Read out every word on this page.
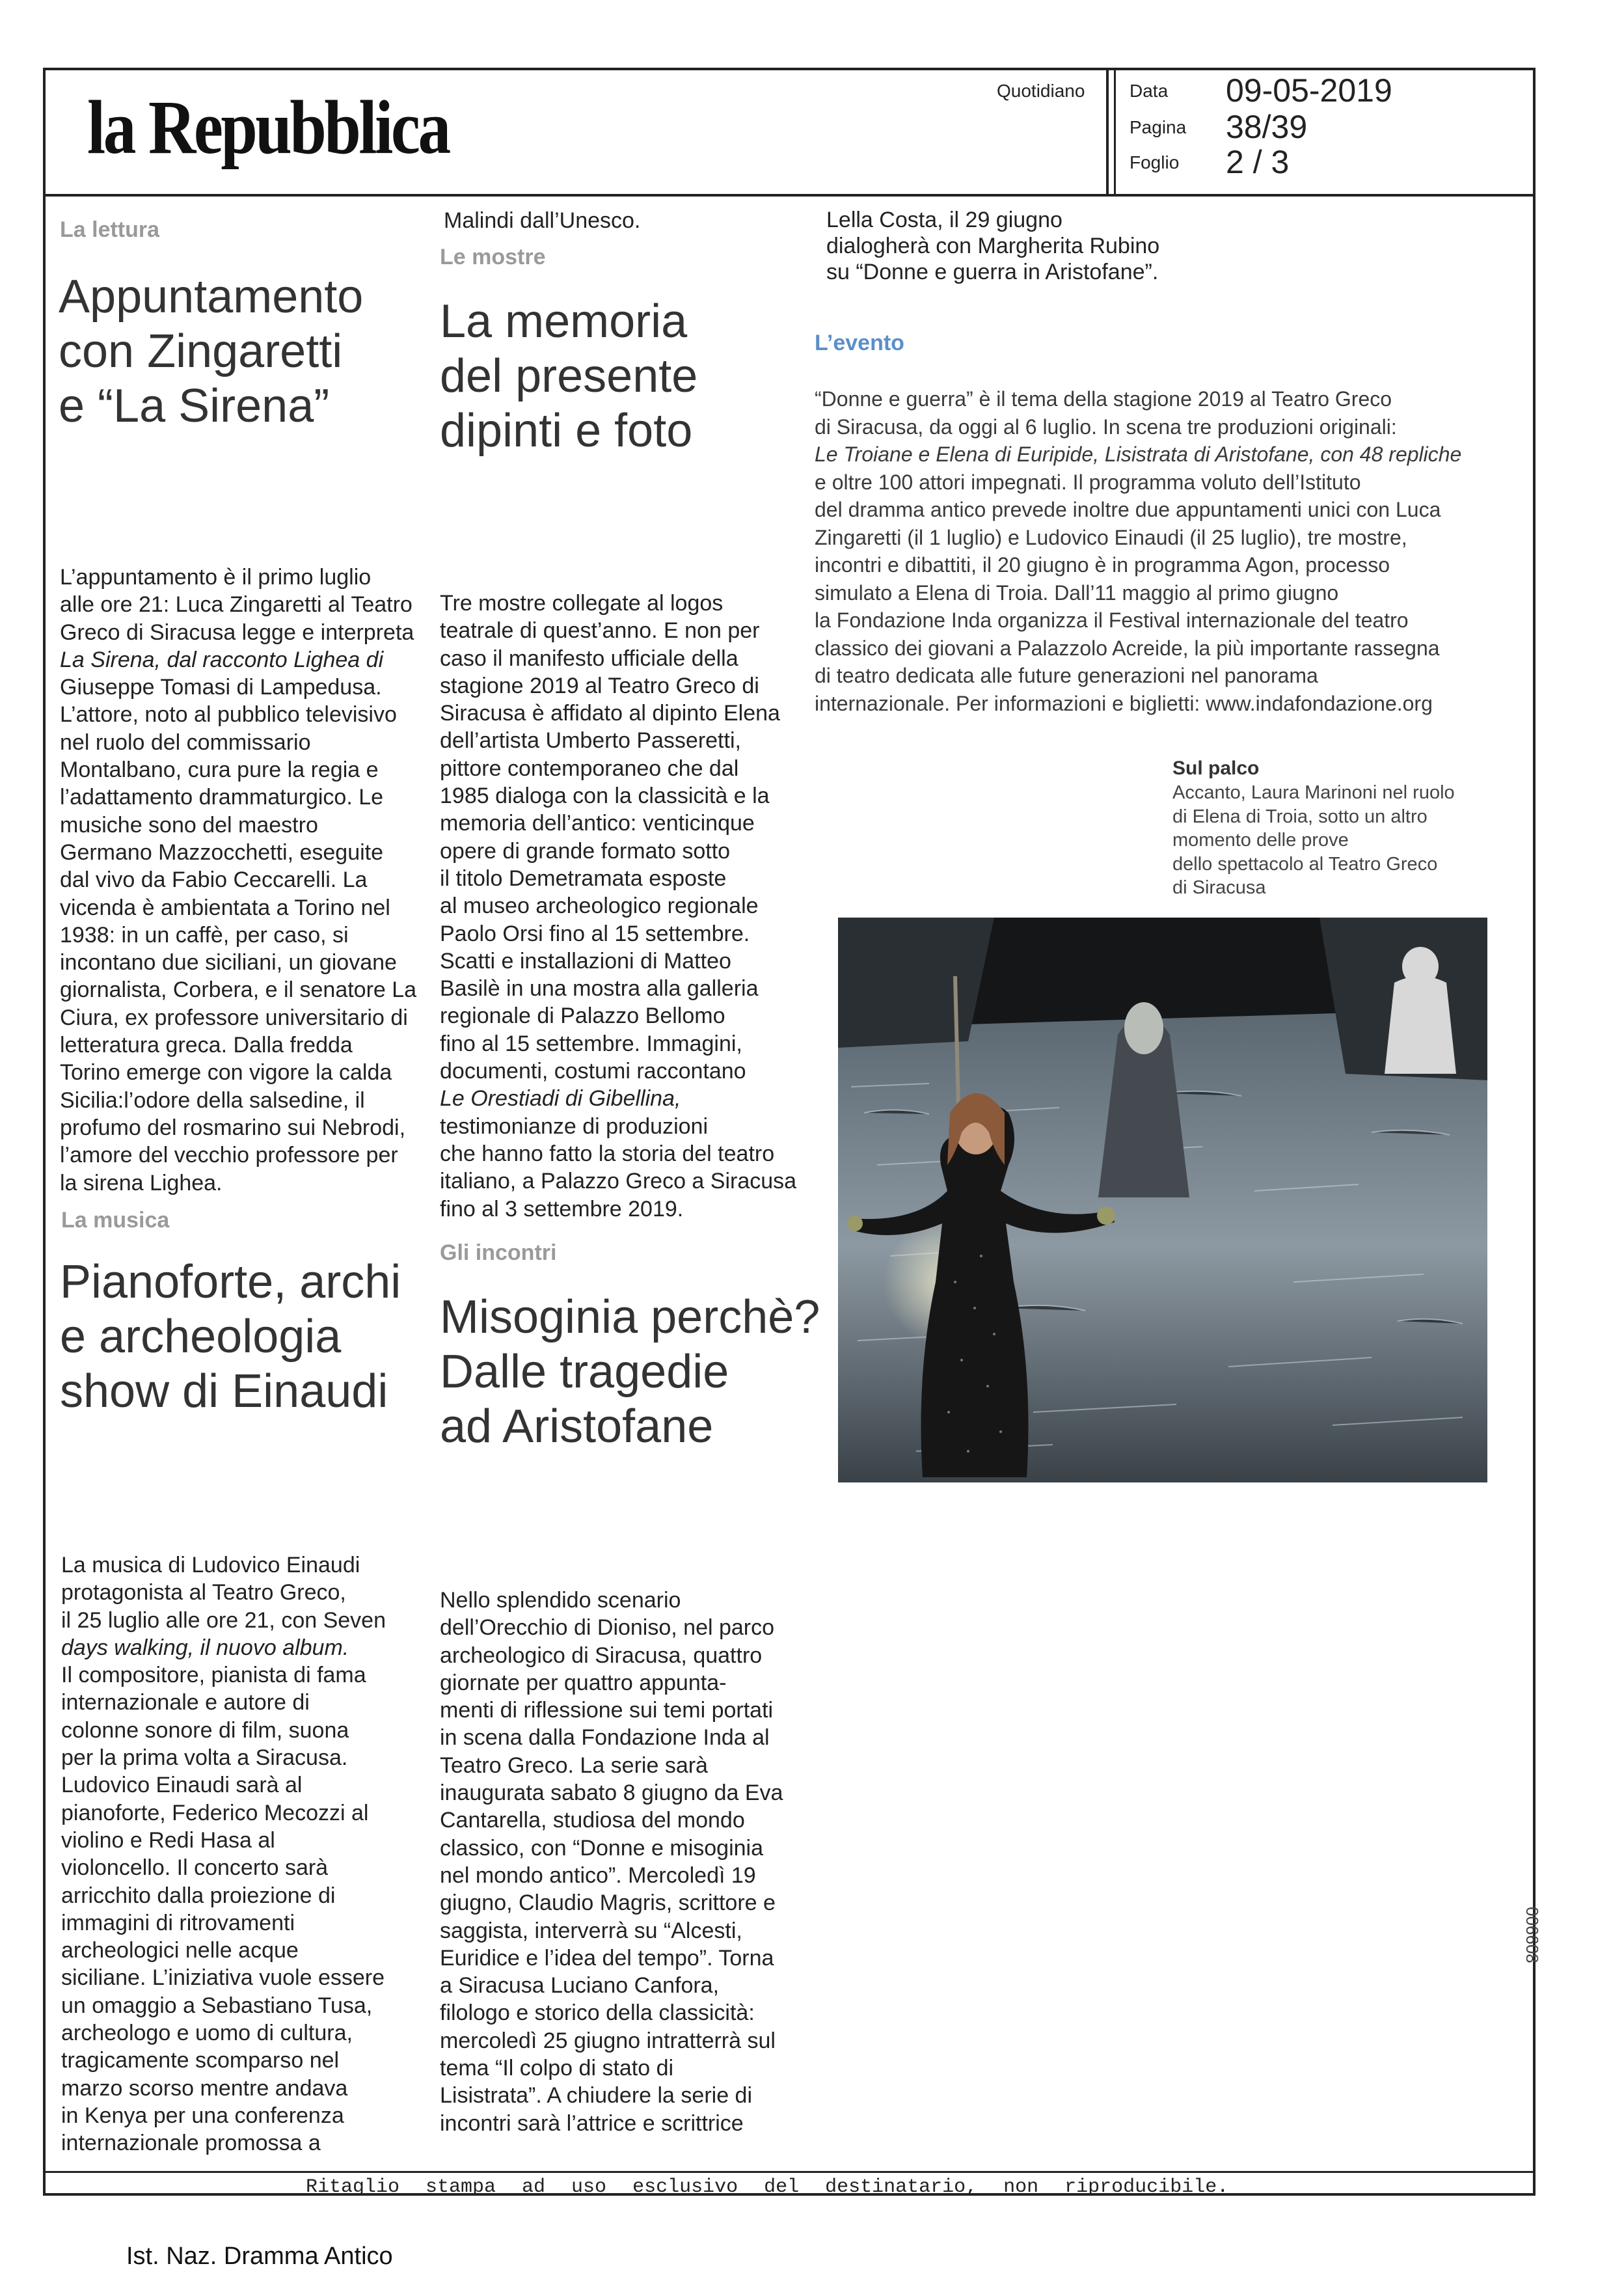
la Repubblica	Quotidiano Data 09-05-2019
Pagina 38/39
Foglio 2 / 3
La lettura
Appuntamento
con Zingaretti
e “La Sirena”
L’appuntamento è il primo luglio
alle ore 21: Luca Zingaretti al Teatro
Greco di Siracusa legge e interpreta
La Sirena, dal racconto Lighea di
Giuseppe Tomasi di Lampedusa.
L’attore, noto al pubblico televisivo
nel ruolo del commissario
Montalbano, cura pure la regia e
l’adattamento drammaturgico. Le
musiche sono del maestro
Germano Mazzocchetti, eseguite
dal vivo da Fabio Ceccarelli. La
vicenda è ambientata a Torino nel
1938: in un caffè, per caso, si
incontano due siciliani, un giovane
giornalista, Corbera, e il senatore La
Ciura, ex professore universitario di
letteratura greca. Dalla fredda
Torino emerge con vigore la calda
Sicilia:l’odore della salsedine, il
profumo del rosmarino sui Nebrodi,
l’amore del vecchio professore per
la sirena Lighea.
La musica
Pianoforte, archi
e archeologia
show di Einaudi
La musica di Ludovico Einaudi
protagonista al Teatro Greco,
il 25 luglio alle ore 21, con Seven
days walking, il nuovo album.
Il compositore, pianista di fama
internazionale e autore di
colonne sonore di film, suona
per la prima volta a Siracusa.
Ludovico Einaudi sarà al
pianoforte, Federico Mecozzi al
violino e Redi Hasa al
violoncello. Il concerto sarà
arricchito dalla proiezione di
immagini di ritrovamenti
archeologici nelle acque
siciliane. L’iniziativa vuole essere
un omaggio a Sebastiano Tusa,
archeologo e uomo di cultura,
tragicamente scomparso nel
marzo scorso mentre andava
in Kenya per una conferenza
internazionale promossa a
Malindi dall’Unesco.
Le mostre
La memoria
del presente
dipinti e foto
Tre mostre collegate al logos
teatrale di quest’anno. E non per
caso il manifesto ufficiale della
stagione 2019 al Teatro Greco di
Siracusa è affidato al dipinto Elena
dell’artista Umberto Passeretti,
pittore contemporaneo che dal
1985 dialoga con la classicità e la
memoria dell’antico: venticinque
opere di grande formato sotto
il titolo Demetramata esposte
al museo archeologico regionale
Paolo Orsi fino al 15 settembre.
Scatti e installazioni di Matteo
Basilè in una mostra alla galleria
regionale di Palazzo Bellomo
fino al 15 settembre. Immagini,
documenti, costumi raccontano
Le Orestiadi di Gibellina,
testimonianze di produzioni
che hanno fatto la storia del teatro
italiano, a Palazzo Greco a Siracusa
fino al 3 settembre 2019.
Gli incontri
Misoginia perchè?
Dalle tragedie
ad Aristofane
Nello splendido scenario
dell’Orecchio di Dioniso, nel parco
archeologico di Siracusa, quattro
giornate per quattro appunta-
menti di riflessione sui temi portati
in scena dalla Fondazione Inda al
Teatro Greco. La serie sarà
inaugurata sabato 8 giugno da Eva
Cantarella, studiosa del mondo
classico, con “Donne e misoginia
nel mondo antico”. Mercoledì 19
giugno, Claudio Magris, scrittore e
saggista, interverrà su “Alcesti,
Euridice e l’idea del tempo”. Torna
a Siracusa Luciano Canfora,
filologo e storico della classicità:
mercoledì 25 giugno intratterrà sul
tema “Il colpo di stato di
Lisistrata”. A chiudere la serie di
incontri sarà l’attrice e scrittrice
Lella Costa, il 29 giugno
dialogherà con Margherita Rubino
su “Donne e guerra in Aristofane”.
L’evento
“Donne e guerra” è il tema della stagione 2019 al Teatro Greco
di Siracusa, da oggi al 6 luglio. In scena tre produzioni originali:
Le Troiane e Elena di Euripide, Lisistrata di Aristofane, con 48 repliche
e oltre 100 attori impegnati. Il programma voluto dell’Istituto
del dramma antico prevede inoltre due appuntamenti unici con Luca
Zingaretti (il 1 luglio) e Ludovico Einaudi (il 25 luglio), tre mostre,
incontri e dibattiti, il 20 giugno è in programma Agon, processo
simulato a Elena di Troia. Dall’11 maggio al primo giugno
la Fondazione Inda organizza il Festival internazionale del teatro
classico dei giovani a Palazzolo Acreide, la più importante rassegna
di teatro dedicata alle future generazioni nel panorama
internazionale. Per informazioni e biglietti: www.indafondazione.org
Sul palco
Accanto, Laura Marinoni nel ruolo
di Elena di Troia, sotto un altro
momento delle prove
dello spettacolo al Teatro Greco
di Siracusa
Ritaglio stampa ad uso esclusivo del destinatario, non riproducibile.
Ist. Naz. Dramma Antico
006608
